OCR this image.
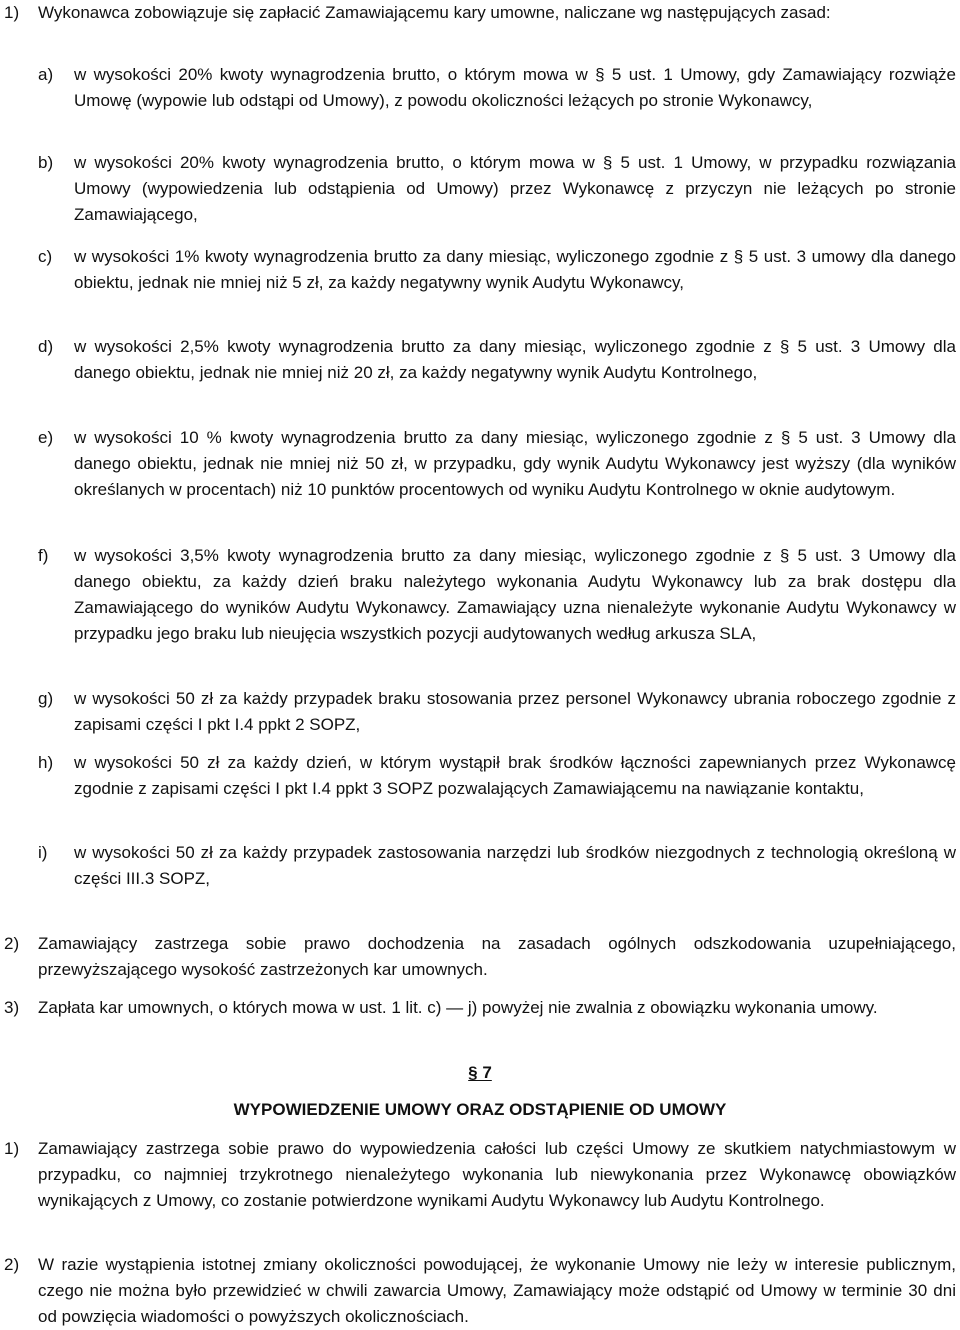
1)	Wykonawca zobowiązuje się zapłacić Zamawiającemu kary umowne, naliczane wg następujących zasad:
a)	w wysokości 20% kwoty wynagrodzenia brutto, o którym mowa w § 5 ust. 1 Umowy, gdy Zamawiający rozwiąże Umowę (wypowie lub odstąpi od Umowy), z powodu okoliczności leżących po stronie Wykonawcy,
b)	w wysokości 20% kwoty wynagrodzenia brutto, o którym mowa w § 5 ust. 1 Umowy, w przypadku rozwiązania Umowy (wypowiedzenia lub odstąpienia od Umowy) przez Wykonawcę z przyczyn nie leżących po stronie Zamawiającego,
c)	w wysokości 1% kwoty wynagrodzenia brutto za dany miesiąc, wyliczonego zgodnie z § 5 ust. 3 umowy dla danego obiektu, jednak nie mniej niż 5 zł, za każdy negatywny wynik Audytu Wykonawcy,
d)	w wysokości 2,5% kwoty wynagrodzenia brutto za dany miesiąc, wyliczonego zgodnie z § 5 ust. 3 Umowy dla danego obiektu, jednak nie mniej niż 20 zł, za każdy negatywny wynik Audytu Kontrolnego,
e)	w wysokości 10 % kwoty wynagrodzenia brutto za dany miesiąc, wyliczonego zgodnie z § 5 ust. 3 Umowy dla danego obiektu, jednak nie mniej niż 50 zł, w przypadku, gdy wynik Audytu Wykonawcy jest wyższy (dla wyników określanych w procentach) niż 10 punktów procentowych od wyniku Audytu Kontrolnego w oknie audytowym.
f)	w wysokości 3,5% kwoty wynagrodzenia brutto za dany miesiąc, wyliczonego zgodnie z § 5 ust. 3 Umowy dla danego obiektu, za każdy dzień braku należytego wykonania Audytu Wykonawcy lub za brak dostępu dla Zamawiającego do wyników Audytu Wykonawcy. Zamawiający uzna nienależyte wykonanie Audytu Wykonawcy w przypadku jego braku lub nieujęcia wszystkich pozycji audytowanych według arkusza SLA,
g)	w wysokości 50 zł za każdy przypadek braku stosowania przez personel Wykonawcy ubrania roboczego zgodnie z zapisami części I pkt I.4 ppkt 2 SOPZ,
h)	w wysokości 50 zł za każdy dzień, w którym wystąpił brak środków łączności zapewnianych przez Wykonawcę zgodnie z zapisami części I pkt I.4 ppkt 3 SOPZ pozwalających Zamawiającemu na nawiązanie kontaktu,
i)	w wysokości 50 zł za każdy przypadek zastosowania narzędzi lub środków niezgodnych z technologią określoną w części III.3 SOPZ,
2)	Zamawiający zastrzega sobie prawo dochodzenia na zasadach ogólnych odszkodowania uzupełniającego, przewyższającego wysokość zastrzeżonych kar umownych.
3)	Zapłata kar umownych, o których mowa w ust. 1 lit. c) — j) powyżej nie zwalnia z obowiązku wykonania umowy.
§ 7
WYPOWIEDZENIE UMOWY ORAZ ODSTĄPIENIE OD UMOWY
1)	Zamawiający zastrzega sobie prawo do wypowiedzenia całości lub części Umowy ze skutkiem natychmiastowym w przypadku, co najmniej trzykrotnego nienależytego wykonania lub niewykonania przez Wykonawcę obowiązków wynikających z Umowy, co zostanie potwierdzone wynikami Audytu Wykonawcy lub Audytu Kontrolnego.
2)	W razie wystąpienia istotnej zmiany okoliczności powodującej, że wykonanie Umowy nie leży w interesie publicznym, czego nie można było przewidzieć w chwili zawarcia Umowy, Zamawiający może odstąpić od Umowy w terminie 30 dni od powzięcia wiadomości o powyższych okolicznościach.
